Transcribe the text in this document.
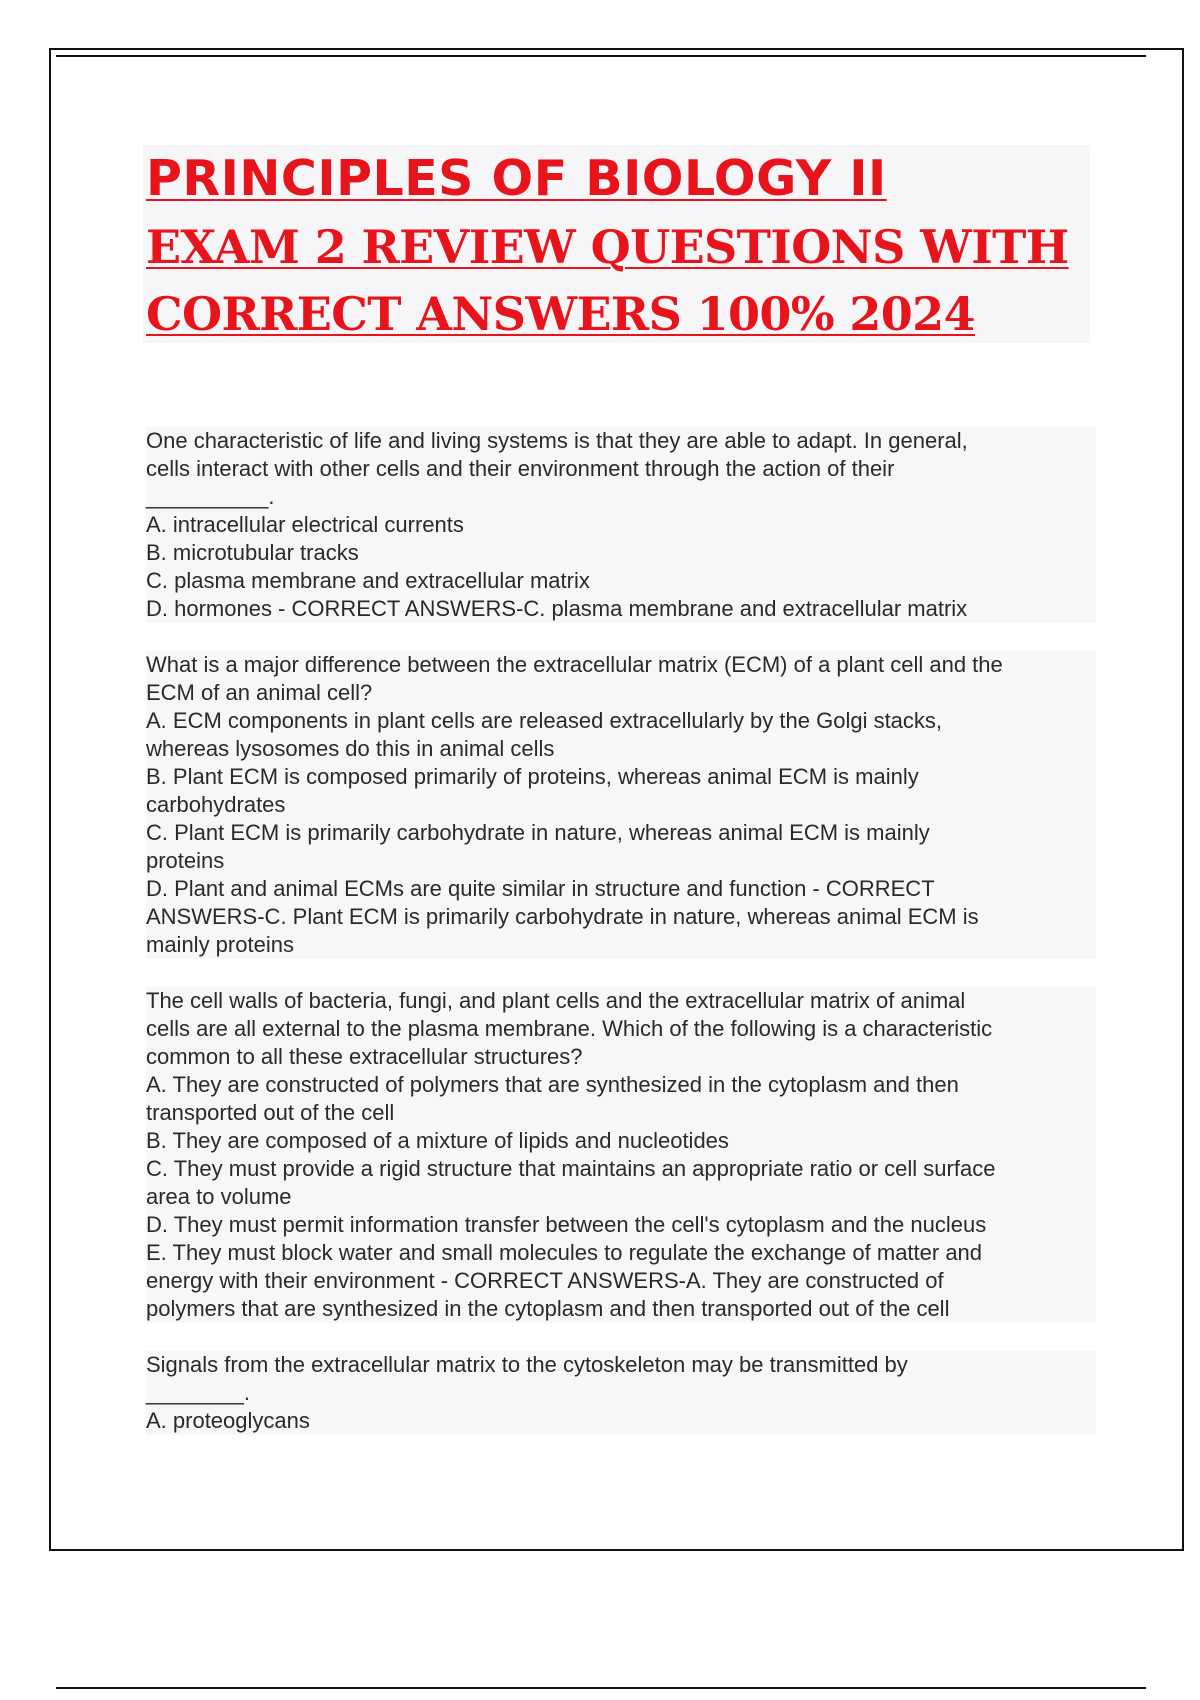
PRINCIPLES OF BIOLOGY II
EXAM 2 REVIEW QUESTIONS WITH
CORRECT ANSWERS 100% 2024
One characteristic of life and living systems is that they are able to adapt. In general,
cells interact with other cells and their environment through the action of their
__________.
A. intracellular electrical currents
B. microtubular tracks
C. plasma membrane and extracellular matrix
D. hormones - CORRECT ANSWERS-C. plasma membrane and extracellular matrix
What is a major difference between the extracellular matrix (ECM) of a plant cell and the
ECM of an animal cell?
A. ECM components in plant cells are released extracellularly by the Golgi stacks,
whereas lysosomes do this in animal cells
B. Plant ECM is composed primarily of proteins, whereas animal ECM is mainly
carbohydrates
C. Plant ECM is primarily carbohydrate in nature, whereas animal ECM is mainly
proteins
D. Plant and animal ECMs are quite similar in structure and function - CORRECT
ANSWERS-C. Plant ECM is primarily carbohydrate in nature, whereas animal ECM is
mainly proteins
The cell walls of bacteria, fungi, and plant cells and the extracellular matrix of animal
cells are all external to the plasma membrane. Which of the following is a characteristic
common to all these extracellular structures?
A. They are constructed of polymers that are synthesized in the cytoplasm and then
transported out of the cell
B. They are composed of a mixture of lipids and nucleotides
C. They must provide a rigid structure that maintains an appropriate ratio or cell surface
area to volume
D. They must permit information transfer between the cell's cytoplasm and the nucleus
E. They must block water and small molecules to regulate the exchange of matter and
energy with their environment - CORRECT ANSWERS-A. They are constructed of
polymers that are synthesized in the cytoplasm and then transported out of the cell
Signals from the extracellular matrix to the cytoskeleton may be transmitted by
________.
A. proteoglycans
